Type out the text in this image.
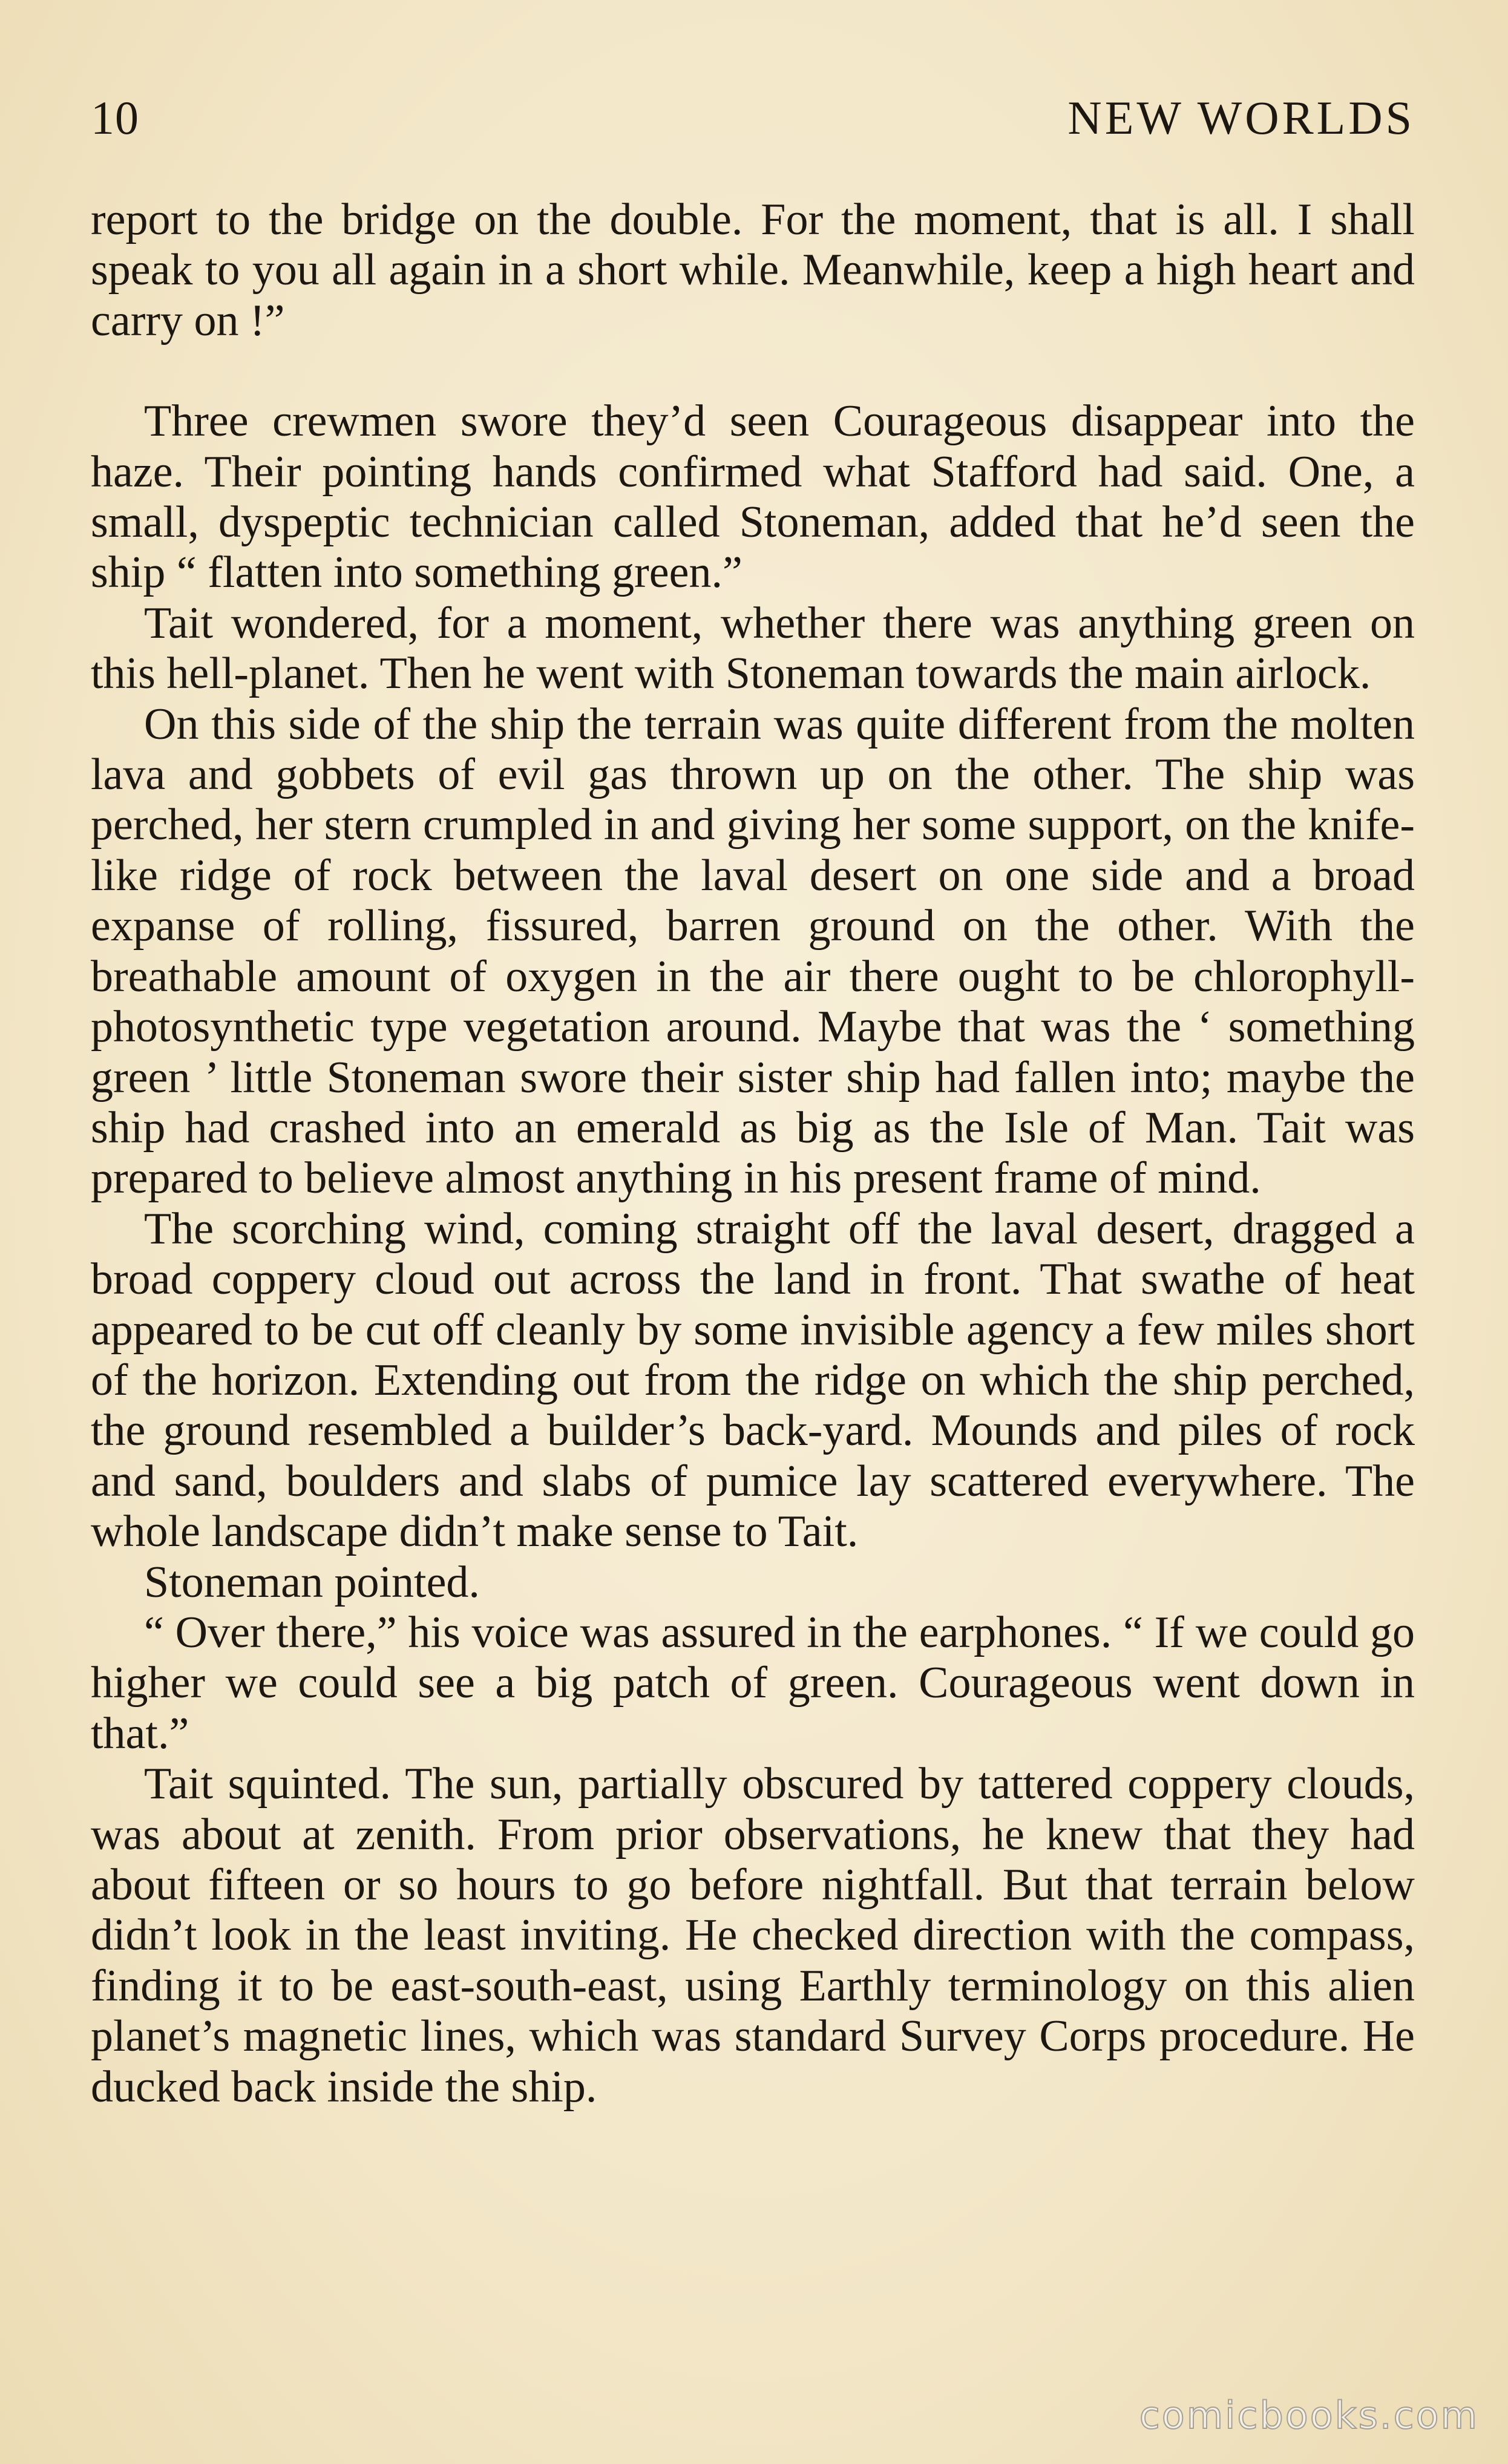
10	NEW WORLDS

report to the bridge on the double. For the moment, that is all. I shall speak to you all again in a short while. Meanwhile, keep a high heart and carry on !”

Three crewmen swore they’d seen Courageous disappear into the haze. Their pointing hands confirmed what Stafford had said. One, a small, dyspeptic technician called Stoneman, added that he’d seen the ship “ flatten into something green.”

Tait wondered, for a moment, whether there was anything green on this hell-planet. Then he went with Stoneman towards the main airlock.

On this side of the ship the terrain was quite different from the molten lava and gobbets of evil gas thrown up on the other. The ship was perched, her stern crumpled in and giving her some support, on the knife-like ridge of rock between the laval desert on one side and a broad expanse of rolling, fissured, barren ground on the other. With the breathable amount of oxygen in the air there ought to be chlorophyll-photosynthetic type vegetation around. Maybe that was the ‘ something green ’ little Stoneman swore their sister ship had fallen into; maybe the ship had crashed into an emerald as big as the Isle of Man. Tait was prepared to believe almost anything in his present frame of mind.

The scorching wind, coming straight off the laval desert, dragged a broad coppery cloud out across the land in front. That swathe of heat appeared to be cut off cleanly by some invisible agency a few miles short of the horizon. Extending out from the ridge on which the ship perched, the ground resembled a builder’s back-yard. Mounds and piles of rock and sand, boulders and slabs of pumice lay scattered everywhere. The whole landscape didn’t make sense to Tait.

Stoneman pointed.

“ Over there,” his voice was assured in the earphones. “ If we could go higher we could see a big patch of green. Courageous went down in that.”

Tait squinted. The sun, partially obscured by tattered coppery clouds, was about at zenith. From prior observations, he knew that they had about fifteen or so hours to go before nightfall. But that terrain below didn’t look in the least inviting. He checked direction with the compass, finding it to be east-south-east, using Earthly terminology on this alien planet’s magnetic lines, which was standard Survey Corps procedure. He ducked back inside the ship.

comicbooks.com
